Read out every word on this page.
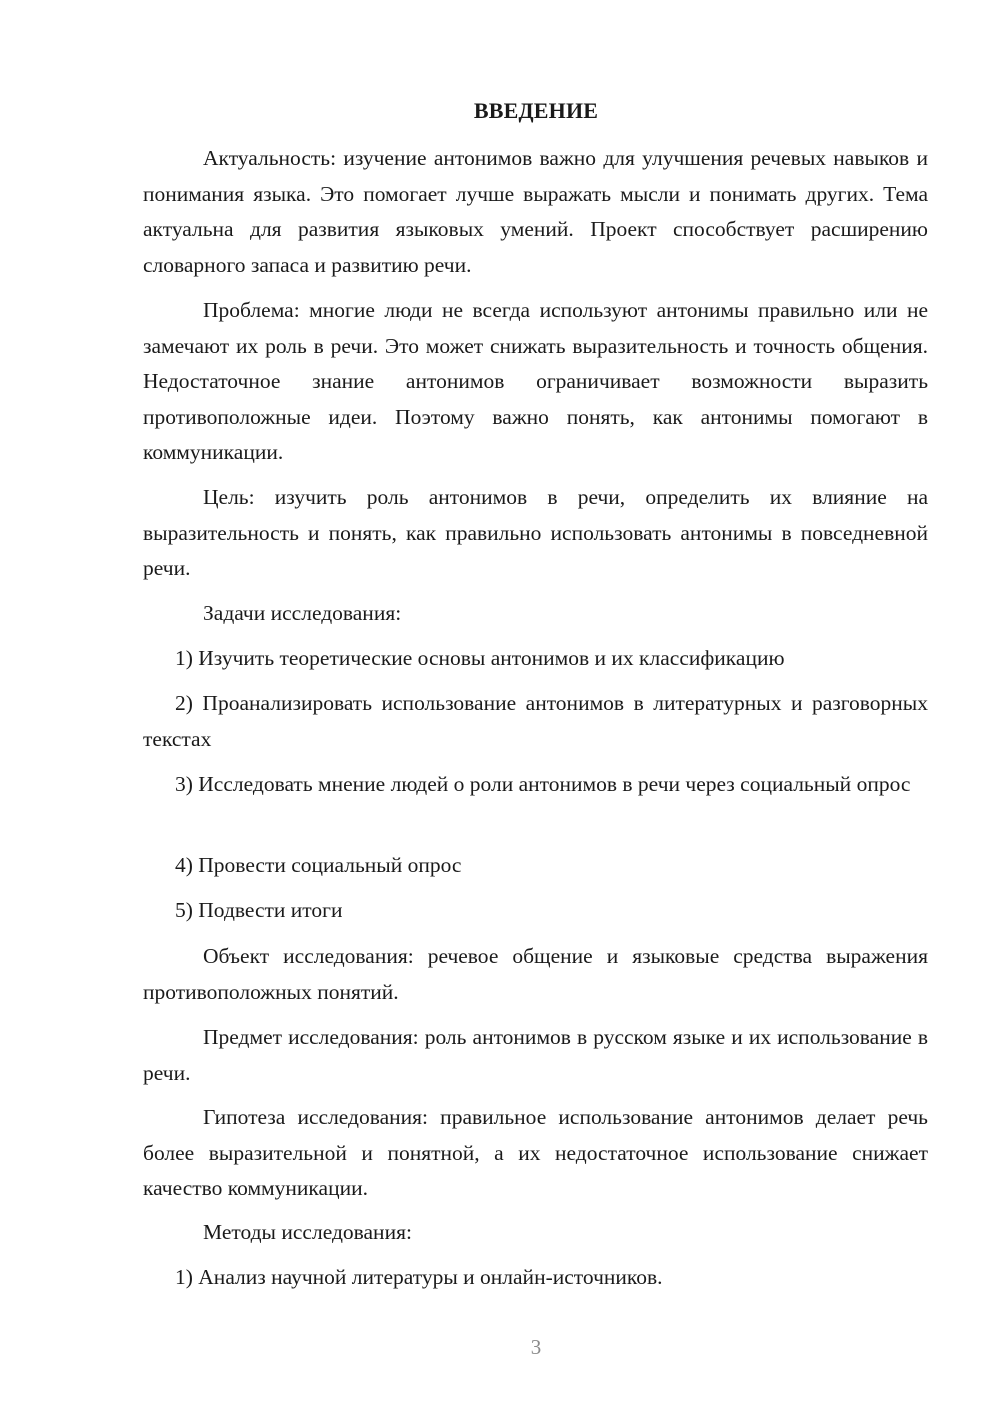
ВВЕДЕНИЕ

Актуальность: изучение антонимов важно для улучшения речевых навыков и понимания языка. Это помогает лучше выражать мысли и понимать других. Тема актуальна для развития языковых умений. Проект способствует расширению словарного запаса и развитию речи.

Проблема: многие люди не всегда используют антонимы правильно или не замечают их роль в речи. Это может снижать выразительность и точность общения. Недостаточное знание антонимов ограничивает возможности выразить противоположные идеи. Поэтому важно понять, как антонимы помогают в коммуникации.

Цель: изучить роль антонимов в речи, определить их влияние на выразительность и понять, как правильно использовать антонимы в повседневной речи.

Задачи исследования:

1) Изучить теоретические основы антонимов и их классификацию

2) Проанализировать использование антонимов в литературных и разговорных текстах

3) Исследовать мнение людей о роли антонимов в речи через социальный опрос

4) Провести социальный опрос

5) Подвести итоги

Объект исследования: речевое общение и языковые средства выражения противоположных понятий.

Предмет исследования: роль антонимов в русском языке и их использование в речи.

Гипотеза исследования: правильное использование антонимов делает речь более выразительной и понятной, а их недостаточное использование снижает качество коммуникации.

Методы исследования:

1) Анализ научной литературы и онлайн-источников.

3
